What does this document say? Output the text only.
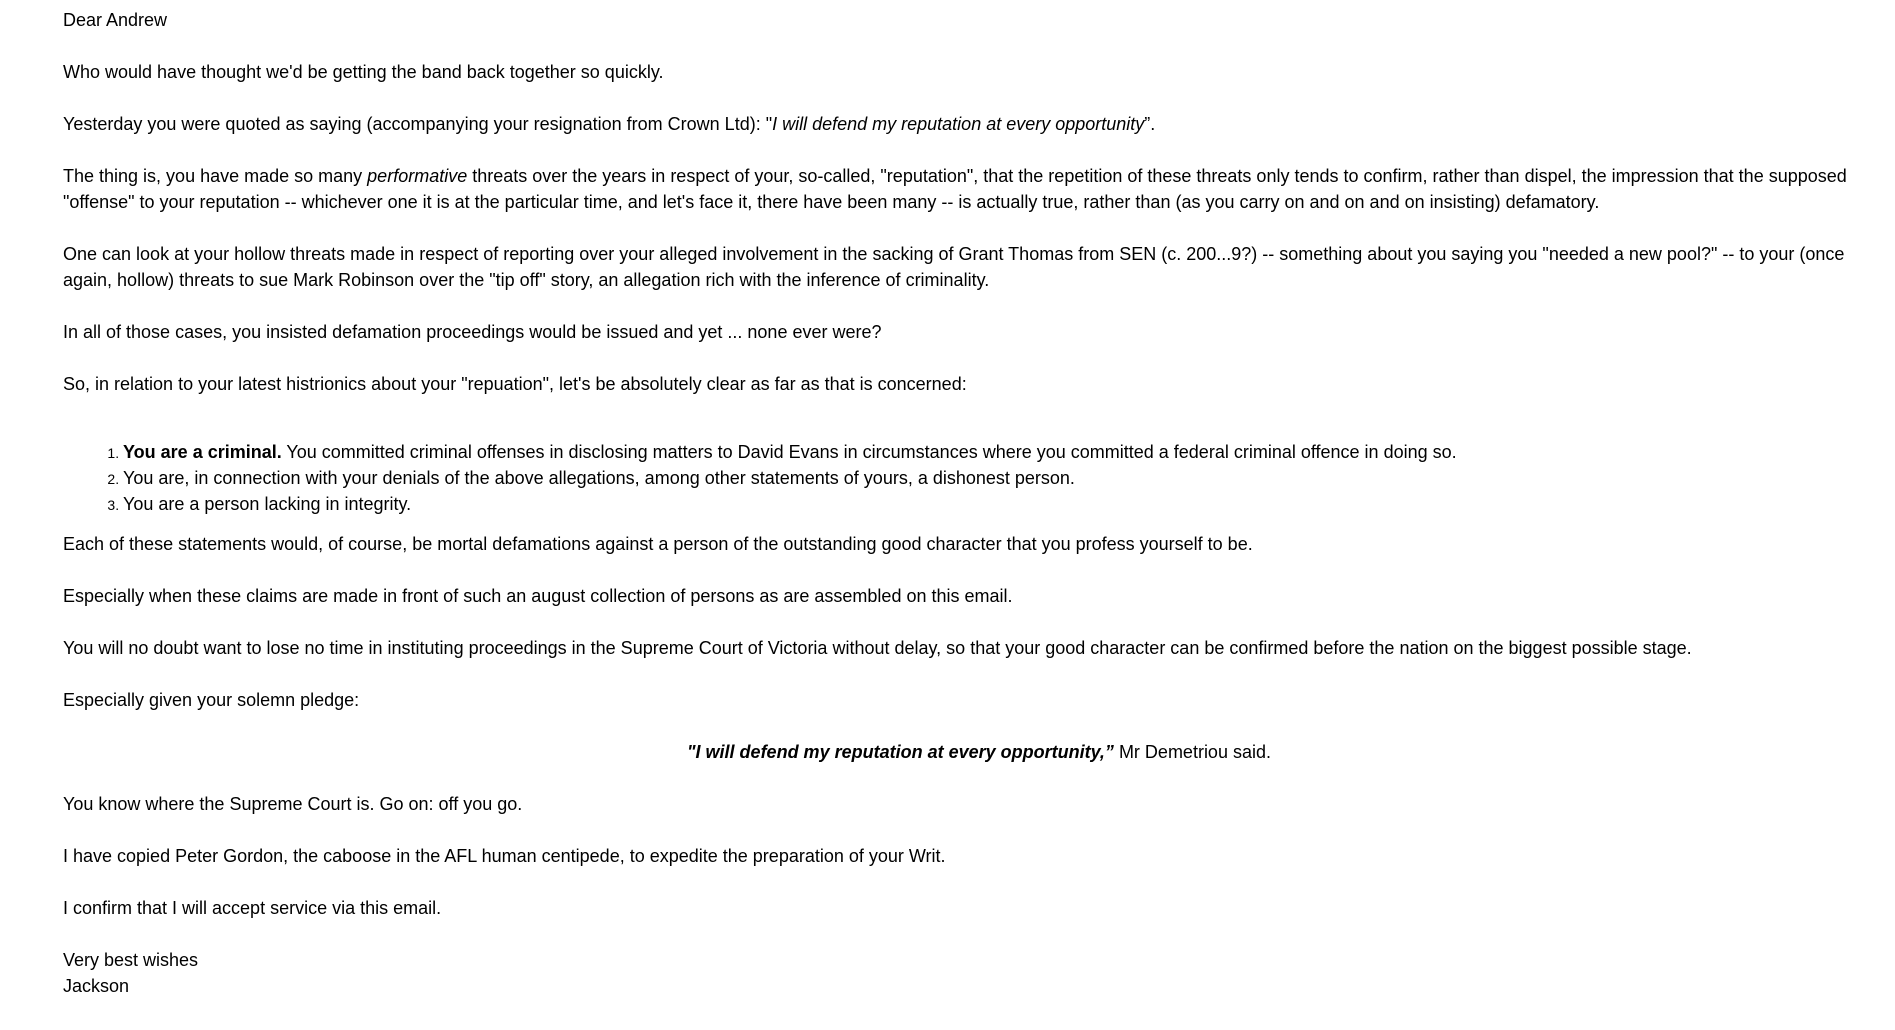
Dear Andrew

Who would have thought we'd be getting the band back together so quickly.

Yesterday you were quoted as saying (accompanying your resignation from Crown Ltd): "I will defend my reputation at every opportunity”.

The thing is, you have made so many performative threats over the years in respect of your, so-called, "reputation", that the repetition of these threats only tends to confirm, rather than dispel, the impression that the supposed "offense" to your reputation -- whichever one it is at the particular time, and let's face it, there have been many -- is actually true, rather than (as you carry on and on and on insisting) defamatory.

One can look at your hollow threats made in respect of reporting over your alleged involvement in the sacking of Grant Thomas from SEN (c. 200...9?) -- something about you saying you "needed a new pool?" -- to your (once again, hollow) threats to sue Mark Robinson over the "tip off" story, an allegation rich with the inference of criminality.

In all of those cases, you insisted defamation proceedings would be issued and yet ... none ever were?

So, in relation to your latest histrionics about your "repuation", let's be absolutely clear as far as that is concerned:

1. You are a criminal. You committed criminal offenses in disclosing matters to David Evans in circumstances where you committed a federal criminal offence in doing so.
2. You are, in connection with your denials of the above allegations, among other statements of yours, a dishonest person.
3. You are a person lacking in integrity.

Each of these statements would, of course, be mortal defamations against a person of the outstanding good character that you profess yourself to be.

Especially when these claims are made in front of such an august collection of persons as are assembled on this email.

You will no doubt want to lose no time in instituting proceedings in the Supreme Court of Victoria without delay, so that your good character can be confirmed before the nation on the biggest possible stage.

Especially given your solemn pledge:

"I will defend my reputation at every opportunity,” Mr Demetriou said.

You know where the Supreme Court is. Go on: off you go.

I have copied Peter Gordon, the caboose in the AFL human centipede, to expedite the preparation of your Writ.

I confirm that I will accept service via this email.

Very best wishes

Jackson
